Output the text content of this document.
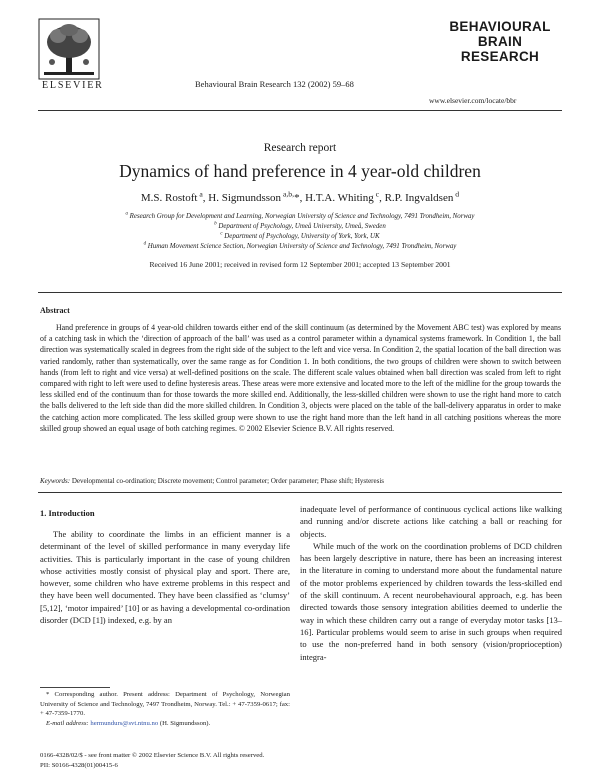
ELSEVIER	Behavioural Brain Research 132 (2002) 59–68
BEHAVIOURAL
BRAIN
RESEARCH
www.elsevier.com/locate/bbr
Research report
Dynamics of hand preference in 4 year-old children
M.S. Rostoft $^a$, H. Sigmundsson $^{a,b,}$*, H.T.A. Whiting $^c$, R.P. Ingvaldsen $^d$
$^a$ Research Group for Development and Learning, Norwegian University of Science and Technology, 7491 Trondheim, Norway
$^b$ Department of Psychology, Umeå University, Umeå, Sweden
$^c$ Department of Psychology, University of York, York, UK
$^d$ Human Movement Science Section, Norwegian University of Science and Technology, 7491 Trondheim, Norway
Received 16 June 2001; received in revised form 12 September 2001; accepted 13 September 2001
Abstract
Hand preference in groups of 4 year-old children towards either end of the skill continuum (as determined by the Movement ABC test) was explored by means of a catching task in which the ‘direction of approach of the ball’ was used as a control parameter within a dynamical systems framework. In Condition 1, the ball direction was systematically scaled in degrees from the right side of the subject to the left and vice versa. In Condition 2, the spatial location of the ball direction was varied randomly, rather than systematically, over the same range as for Condition 1. In both conditions, the two groups of children were shown to switch between hands (from left to right and vice versa) at well-defined positions on the scale. The different scale values obtained when ball direction was scaled from left to right compared with right to left were used to define hysteresis areas. These areas were more extensive and located more to the left of the midline for the group towards the less skilled end of the continuum than for those towards the more skilled end. Additionally, the less-skilled children were shown to use the right hand more to catch the balls delivered to the left side than did the more skilled children. In Condition 3, objects were placed on the table of the ball-delivery apparatus in order to make the catching action more complicated. The less skilled group were shown to use the right hand more than the left hand in all catching positions whereas the more skilled group showed an equal usage of both catching regimes. © 2002 Elsevier Science B.V. All rights reserved.
Keywords: Developmental co-ordination; Discrete movement; Control parameter; Order parameter; Phase shift; Hysteresis
1. Introduction
The ability to coordinate the limbs in an efficient manner is a determinant of the level of skilled performance in many everyday life activities. This is particularly important in the case of young children whose activities mostly consist of physical play and sport. There are, however, some children who have extreme problems in this respect and they have been well documented. They have been classified as ‘clumsy’ [5,12], ‘motor impaired’ [10] or as having a developmental co-ordination disorder (DCD [1]) indexed, e.g. by an

inadequate level of performance of continuous cyclical actions like walking and running and/or discrete actions like catching a ball or reaching for objects.

While much of the work on the coordination problems of DCD children has been largely descriptive in nature, there has been an increasing interest in the literature in coming to understand more about the fundamental nature of the motor problems experienced by children towards the less-skilled end of the skill continuum. A recent neurobehavioural approach, e.g. has been directed towards those sensory integration abilities deemed to underlie the way in which these children carry out a range of everyday motor tasks [13–16]. Particular problems would seem to arise in such groups when required to use the non-preferred hand in both sensory (vision/proprioception) integra-

* Corresponding author. Present address: Department of Psychology, Norwegian University of Science and Technology, 7497 Trondheim, Norway. Tel.: + 47-7359-0617; fax: + 47-7359-1770.
E-mail address: hermundurs@svt.ntnu.no (H. Sigmundsson).
0166-4328/02/$ - see front matter © 2002 Elsevier Science B.V. All rights reserved.
PII: S0166-4328(01)00415-6
